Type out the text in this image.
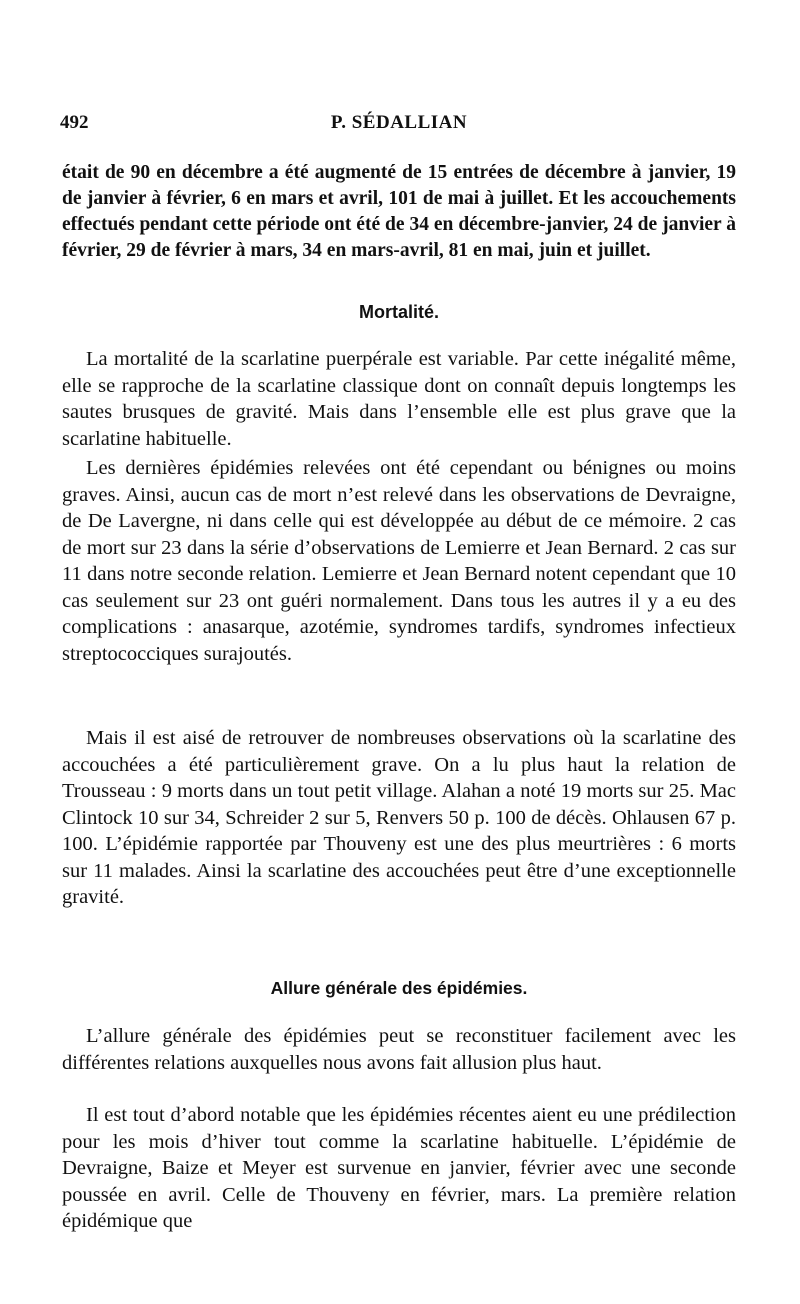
492	P. SÉDALLIAN

était de 90 en décembre a été augmenté de 15 entrées de décembre à janvier, 19 de janvier à février, 6 en mars et avril, 101 de mai à juillet. Et les accouchements effectués pendant cette période ont été de 34 en décembre-janvier, 24 de janvier à février, 29 de février à mars, 34 en mars-avril, 81 en mai, juin et juillet.

Mortalité.

La mortalité de la scarlatine puerpérale est variable. Par cette inégalité même, elle se rapproche de la scarlatine classique dont on connaît depuis longtemps les sautes brusques de gravité. Mais dans l’ensemble elle est plus grave que la scarlatine habituelle.

Les dernières épidémies relevées ont été cependant ou bénignes ou moins graves. Ainsi, aucun cas de mort n’est relevé dans les observations de Devraigne, de De Lavergne, ni dans celle qui est développée au début de ce mémoire. 2 cas de mort sur 23 dans la série d’observations de Lemierre et Jean Bernard. 2 cas sur 11 dans notre seconde relation. Lemierre et Jean Bernard notent cependant que 10 cas seulement sur 23 ont guéri normalement. Dans tous les autres il y a eu des complications : anasarque, azotémie, syndromes tardifs, syndromes infectieux streptococciques surajoutés.

Mais il est aisé de retrouver de nombreuses observations où la scarlatine des accouchées a été particulièrement grave. On a lu plus haut la relation de Trousseau : 9 morts dans un tout petit village. Alahan a noté 19 morts sur 25. Mac Clintock 10 sur 34, Schreider 2 sur 5, Renvers 50 p. 100 de décès. Ohlausen 67 p. 100. L’épidémie rapportée par Thouveny est une des plus meurtrières : 6 morts sur 11 malades. Ainsi la scarlatine des accouchées peut être d’une exceptionnelle gravité.

Allure générale des épidémies.

L’allure générale des épidémies peut se reconstituer facilement avec les différentes relations auxquelles nous avons fait allusion plus haut.

Il est tout d’abord notable que les épidémies récentes aient eu une prédilection pour les mois d’hiver tout comme la scarlatine habituelle. L’épidémie de Devraigne, Baize et Meyer est survenue en janvier, février avec une seconde poussée en avril. Celle de Thouveny en février, mars. La première relation épidémique que
